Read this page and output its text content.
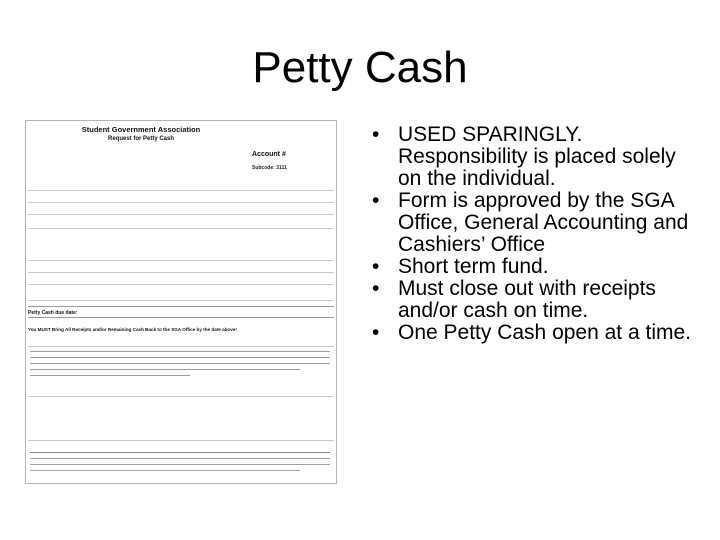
Petty Cash
Student Government Association
Request for Petty Cash
Account #
Subcode: 3111
Petty Cash due date:
You MUST Bring All Receipts and/or Remaining Cash Back to the SGA Office by the date above!
• USED SPARINGLY. Responsibility is placed solely on the individual.
• Form is approved by the SGA Office, General Accounting and Cashiers’ Office
• Short term fund.
• Must close out with receipts and/or cash on time.
• One Petty Cash open at a time.
